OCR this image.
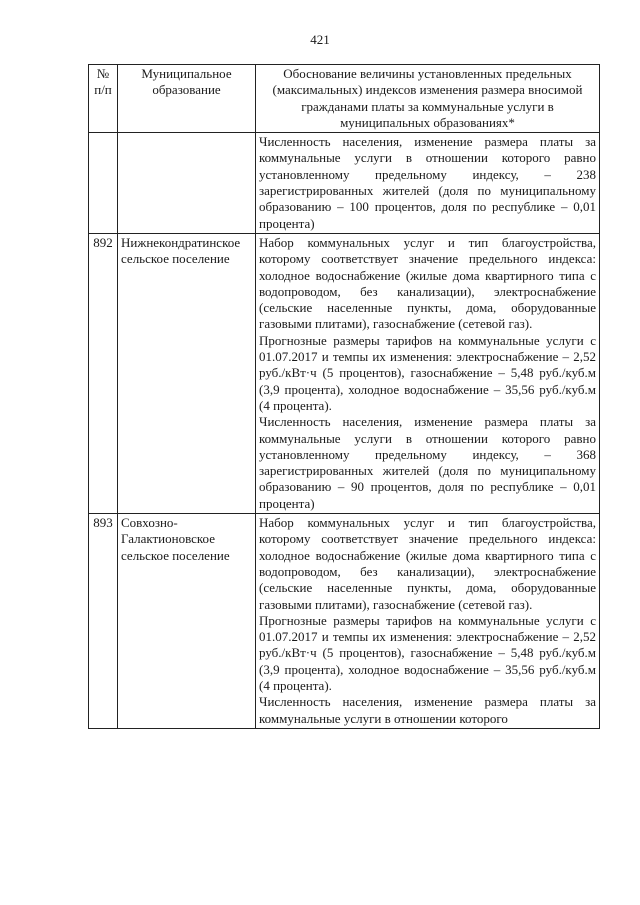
421
№ п/п	Муниципальное образование	Обоснование величины установленных предельных (максимальных) индексов изменения размера вносимой гражданами платы за коммунальные услуги в муниципальных образованиях*

		Численность населения, изменение размера платы за коммунальные услуги в отношении которого равно установленному предельному индексу, – 238 зарегистрированных жителей (доля по муниципальному образованию – 100 процентов, доля по республике – 0,01 процента)

892	Нижнекондратинское сельское поселение	Набор коммунальных услуг и тип благоустройства, которому соответствует значение предельного индекса: холодное водоснабжение (жилые дома квартирного типа с водопроводом, без канализации), электроснабжение (сельские населенные пункты, дома, оборудованные газовыми плитами), газоснабжение (сетевой газ).

Прогнозные размеры тарифов на коммунальные услуги с 01.07.2017 и темпы их изменения: электроснабжение – 2,52 руб./кВт·ч (5 процентов), газоснабжение – 5,48 руб./куб.м (3,9 процента), холодное водоснабжение – 35,56 руб./куб.м (4 процента).

Численность населения, изменение размера платы за коммунальные услуги в отношении которого равно установленному предельному индексу, – 368 зарегистрированных жителей (доля по муниципальному образованию – 90 процентов, доля по республике – 0,01 процента)

893	Совхозно-Галактионовское сельское поселение	Набор коммунальных услуг и тип благоустройства, которому соответствует значение предельного индекса: холодное водоснабжение (жилые дома квартирного типа с водопроводом, без канализации), электроснабжение (сельские населенные пункты, дома, оборудованные газовыми плитами), газоснабжение (сетевой газ).

Прогнозные размеры тарифов на коммунальные услуги с 01.07.2017 и темпы их изменения: электроснабжение – 2,52 руб./кВт·ч (5 процентов), газоснабжение – 5,48 руб./куб.м (3,9 процента), холодное водоснабжение – 35,56 руб./куб.м (4 процента).

Численность населения, изменение размера платы за коммунальные услуги в отношении которого
